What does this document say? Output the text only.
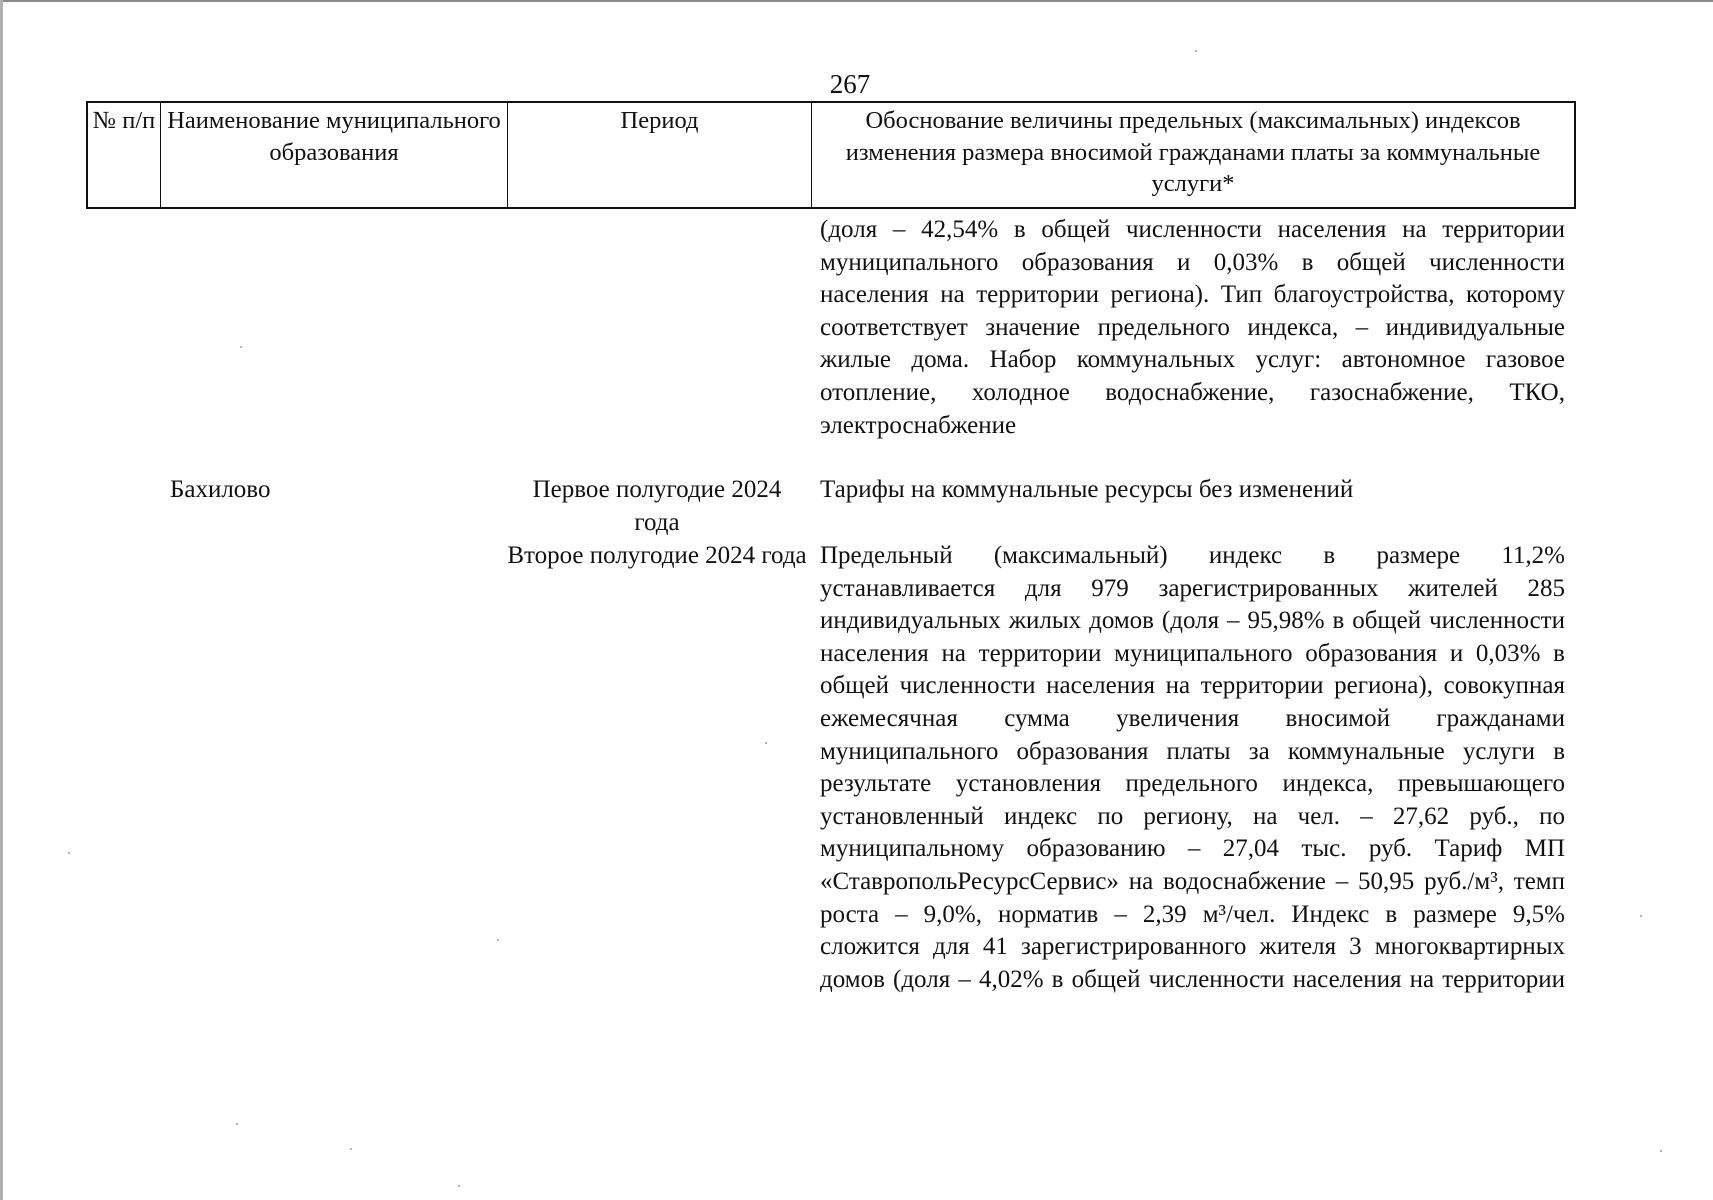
267
№ п/п Наименование муниципального образования
Период	Обоснование величины предельных (максимальных) индексов изменения размера вносимой гражданами платы за коммунальные услуги*
(доля – 42,54% в общей численности населения на территории муниципального образования и 0,03% в общей численности населения на территории региона). Тип благоустройства, которому соответствует значение предельного индекса, – индивидуальные жилые дома. Набор коммунальных услуг: автономное газовое отопление, холодное водоснабжение, газоснабжение, ТКО, электроснабжение
Бахилово	Первое полугодие 2024 года
Тарифы на коммунальные ресурсы без изменений
Второе полугодие 2024 года Предельный (максимальный) индекс в размере 11,2% устанавливается для 979 зарегистрированных жителей 285 индивидуальных жилых домов (доля – 95,98% в общей численности населения на территории муниципального образования и 0,03% в общей численности населения на территории региона), совокупная ежемесячная сумма увеличения вносимой гражданами муниципального образования платы за коммунальные услуги в результате установления предельного индекса, превышающего установленный индекс по региону, на чел. – 27,62 руб., по муниципальному образованию – 27,04 тыс. руб. Тариф МП «СтавропольРесурсСервис» на водоснабжение – 50,95 руб./м³, темп роста – 9,0%, норматив – 2,39 м³/чел. Индекс в размере 9,5% сложится для 41 зарегистрированного жителя 3 многоквартирных домов (доля – 4,02% в общей численности населения на территории
